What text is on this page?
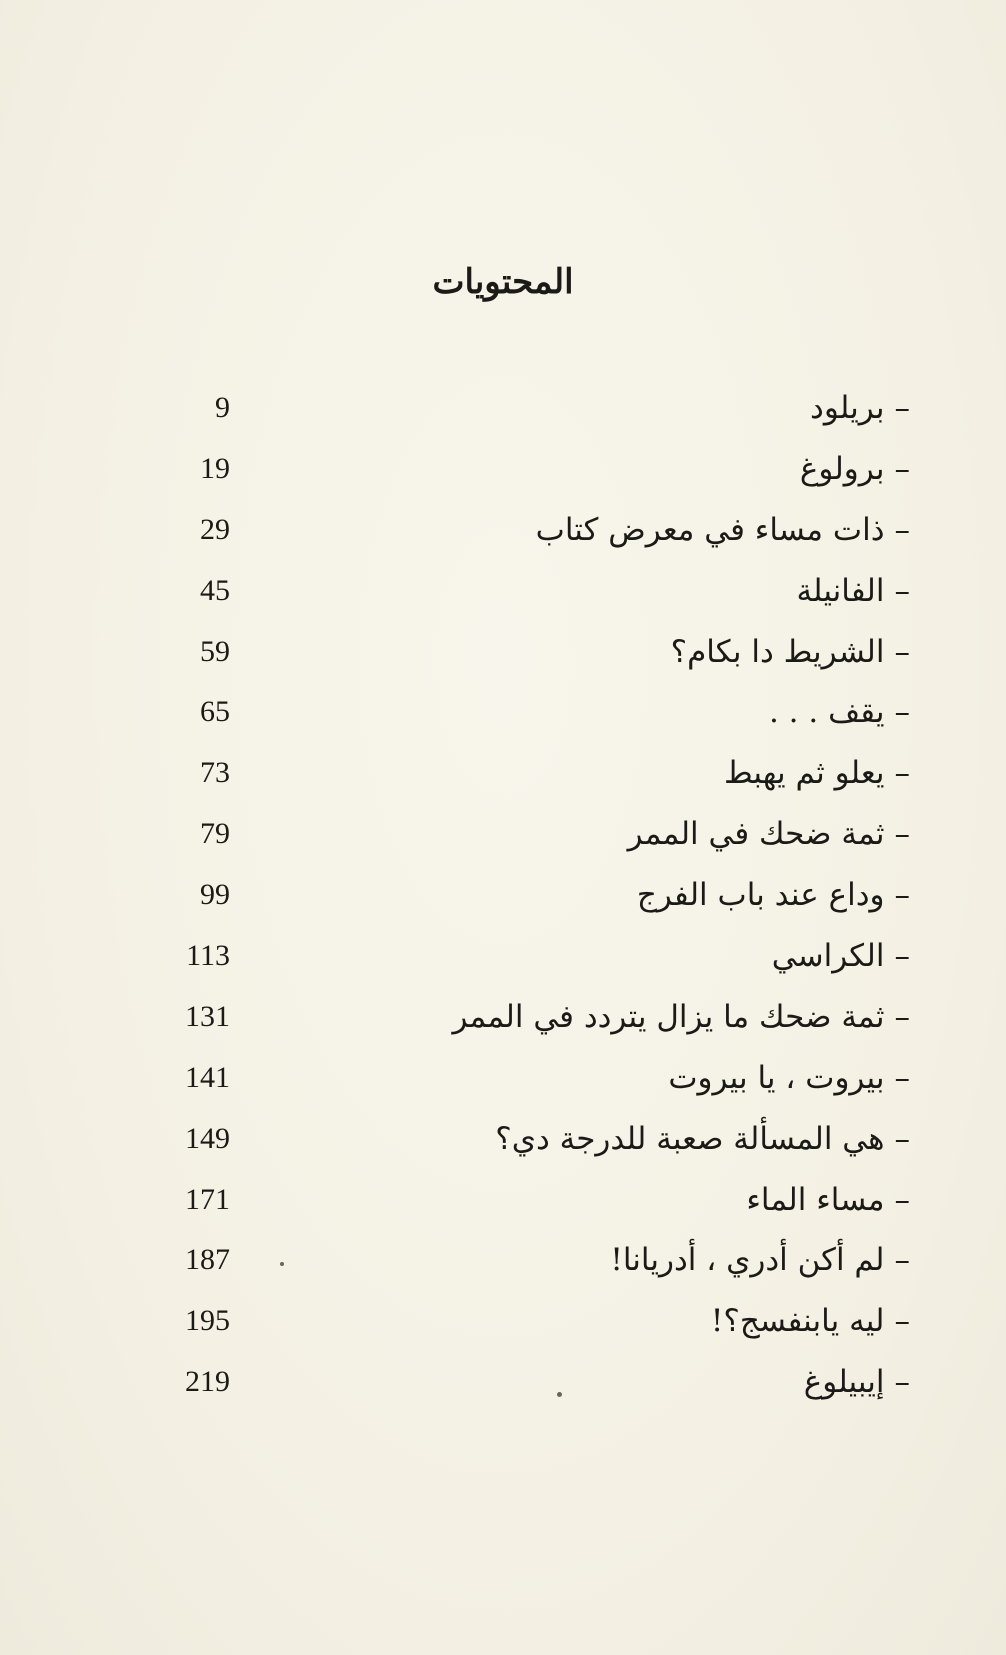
المحتويات
–بريلود
9
–برولوغ
19
–ذات مساء في معرض كتاب
29
–الفانيلة
45
–الشريط دا بكام؟
59
–يقف . . .
65
–يعلو ثم يهبط
73
–ثمة ضحك في الممر
79
–وداع عند باب الفرج
99
–الكراسي
113
–ثمة ضحك ما يزال يتردد في الممر
131
–بيروت ، يا بيروت
141
–هي المسألة صعبة للدرجة دي؟
149
–مساء الماء
171
–لم أكن أدري ، أدريانا!
187
–ليه يابنفسج؟!
195
–إيبيلوغ
219
